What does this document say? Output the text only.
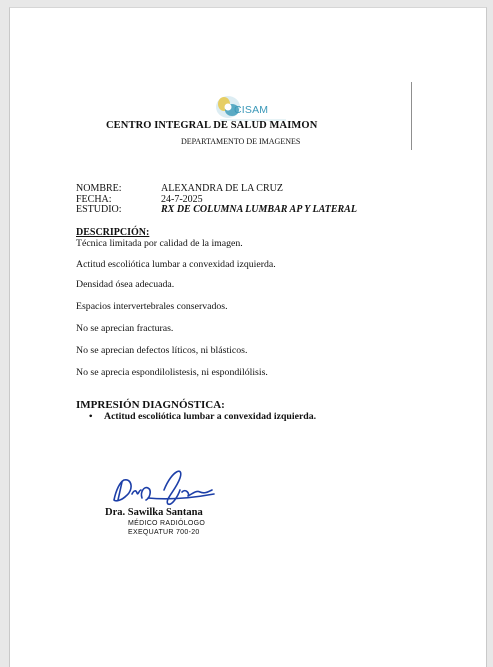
CISAM
CENTRO INTEGRAL DE SALUD MAIMON
DEPARTAMENTO DE IMAGENES
NOMBRE:	ALEXANDRA DE LA CRUZ
FECHA:	24-7-2025
ESTUDIO:	RX DE COLUMNA LUMBAR AP Y LATERAL
DESCRIPCIÓN:
Técnica limitada por calidad de la imagen.
Actitud escoliótica lumbar a convexidad izquierda.
Densidad ósea adecuada.
Espacios intervertebrales conservados.
No se aprecian fracturas.
No se aprecian defectos líticos, ni blásticos.
No se aprecia espondilolistesis, ni espondilólisis.
IMPRESIÓN DIAGNÓSTICA:
• Actitud escoliótica lumbar a convexidad izquierda.
Dra. Sawilka Santana
MÉDICO RADIÓLOGO
EXEQUATUR 700-20
